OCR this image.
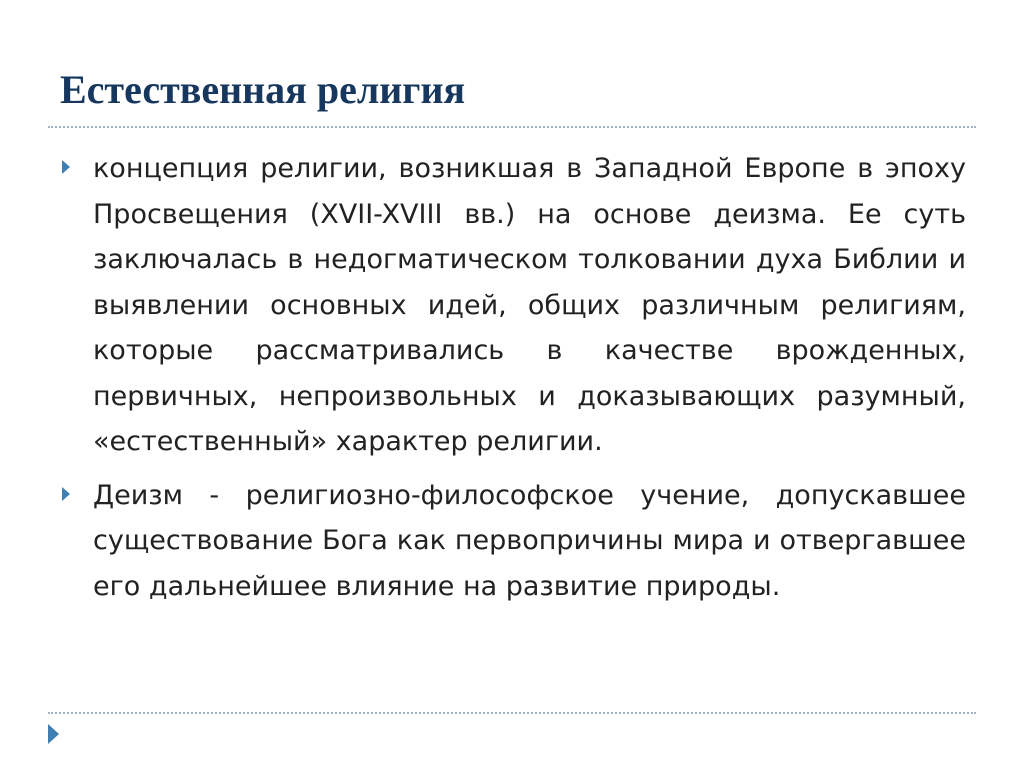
Естественная религия

концепция религии, возникшая в Западной Европе в эпоху Просвещения (XVII-XVIII вв.) на основе деизма. Ее суть заключалась в недогматическом толковании духа Библии и выявлении основных идей, общих различным религиям, которые рассматривались в качестве врожденных, первичных, непроизвольных и доказывающих разумный, «естественный» характер религии.

Деизм - религиозно-философское учение, допускавшее существование Бога как первопричины мира и отвергавшее его дальнейшее влияние на развитие природы.
